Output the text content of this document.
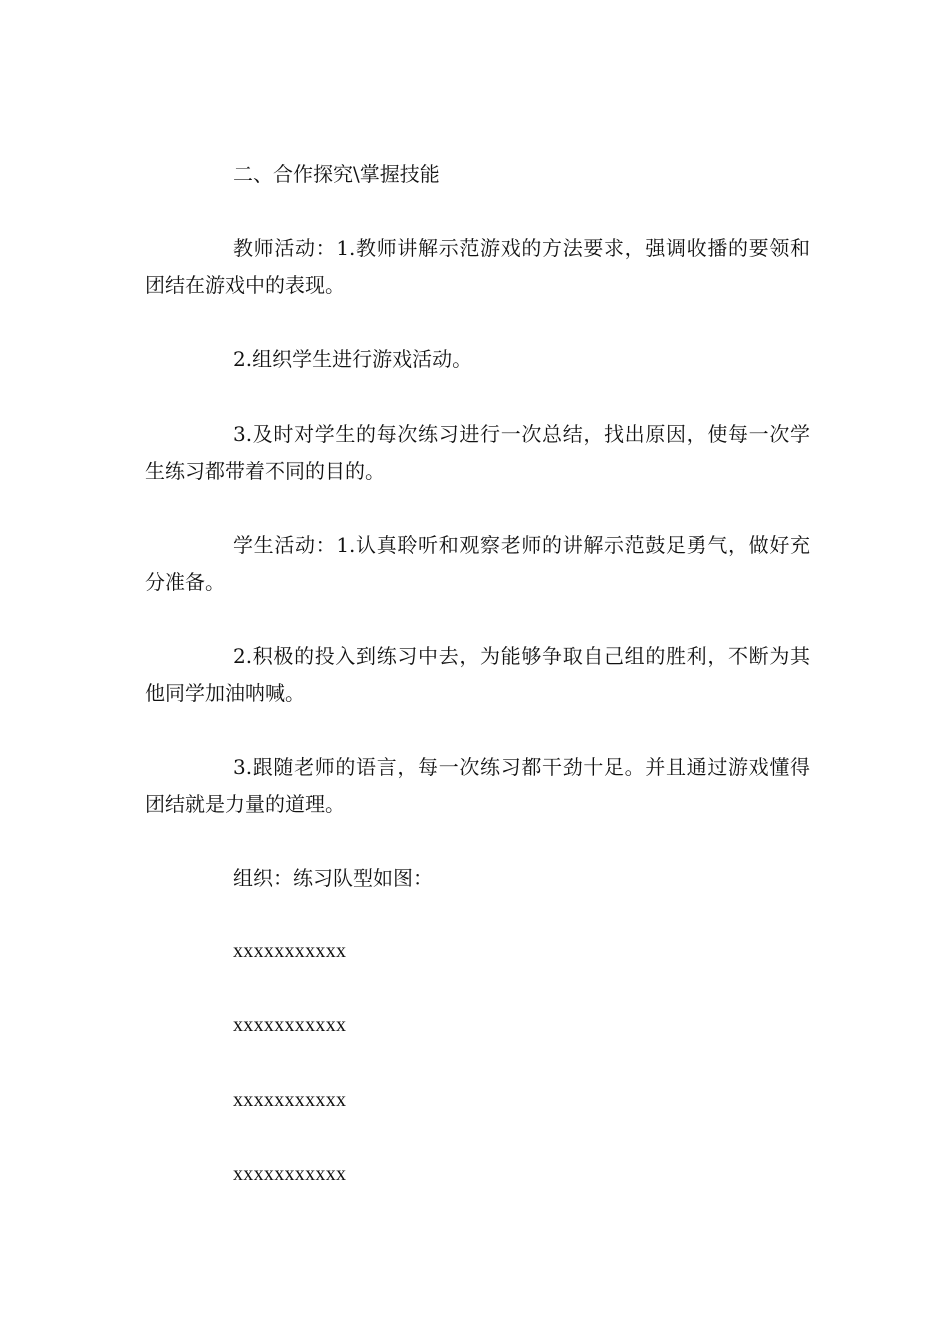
二、合作探究\掌握技能

教师活动：1.教师讲解示范游戏的方法要求，强调收播的要领和团结在游戏中的表现。

2.组织学生进行游戏活动。

3.及时对学生的每次练习进行一次总结，找出原因，使每一次学生练习都带着不同的目的。

学生活动：1.认真聆听和观察老师的讲解示范鼓足勇气，做好充分准备。

2.积极的投入到练习中去，为能够争取自己组的胜利，不断为其他同学加油呐喊。

3.跟随老师的语言，每一次练习都干劲十足。并且通过游戏懂得团结就是力量的道理。

组织：练习队型如图：

xxxxxxxxxxx

xxxxxxxxxxx

xxxxxxxxxxx

xxxxxxxxxxx
